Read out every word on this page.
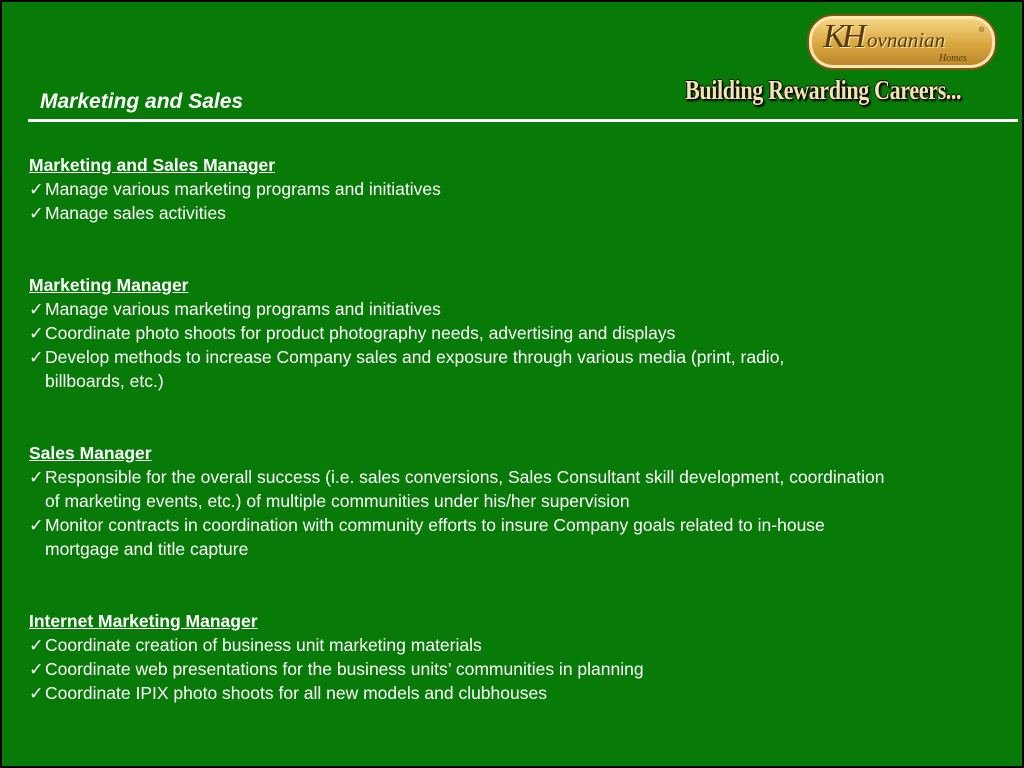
KH ovnanian	®
Homes
Building Rewarding Careers...
Marketing and Sales
Marketing and Sales Manager
✓ Manage various marketing programs and initiatives
✓ Manage sales activities
Marketing Manager
✓ Manage various marketing programs and initiatives
✓ Coordinate photo shoots for product photography needs, advertising and displays
✓ Develop methods to increase Company sales and exposure through various media (print, radio,
billboards, etc.)
Sales Manager
✓ Responsible for the overall success (i.e. sales conversions, Sales Consultant skill development, coordination
of marketing events, etc.) of multiple communities under his/her supervision
✓ Monitor contracts in coordination with community efforts to insure Company goals related to in-house
mortgage and title capture
Internet Marketing Manager
✓ Coordinate creation of business unit marketing materials
✓ Coordinate web presentations for the business units’ communities in planning
✓ Coordinate IPIX photo shoots for all new models and clubhouses
